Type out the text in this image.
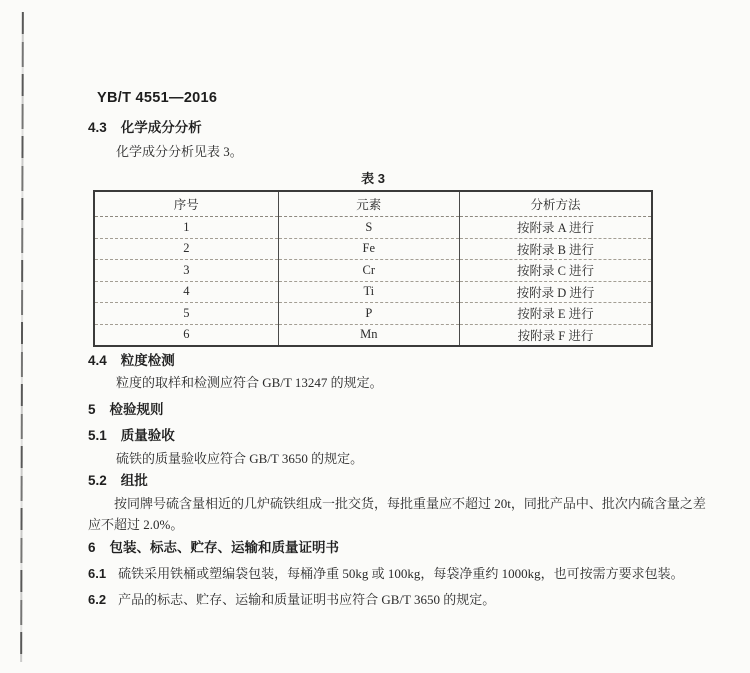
YB/T 4551—2016
4.3 化学成分分析
化学成分分析见表 3。
表 3
序号	元素	分析方法
1	S	按附录 A 进行
2	Fe	按附录 B 进行
3	Cr	按附录 C 进行
4	Ti	按附录 D 进行
5	P	按附录 E 进行
6	Mn	按附录 F 进行
4.4 粒度检测
粒度的取样和检测应符合 GB/T 13247 的规定。
5 检验规则
5.1 质量验收
硫铁的质量验收应符合 GB/T 3650 的规定。
5.2 组批
按同牌号硫含量相近的几炉硫铁组成一批交货，每批重量应不超过 20t，同批产品中、批次内硫含量之差应不超过 2.0%。
6 包装、标志、贮存、运输和质量证明书
6.1 硫铁采用铁桶或塑编袋包装，每桶净重 50kg 或 100kg，每袋净重约 1000kg，也可按需方要求包装。
6.2 产品的标志、贮存、运输和质量证明书应符合 GB/T 3650 的规定。
